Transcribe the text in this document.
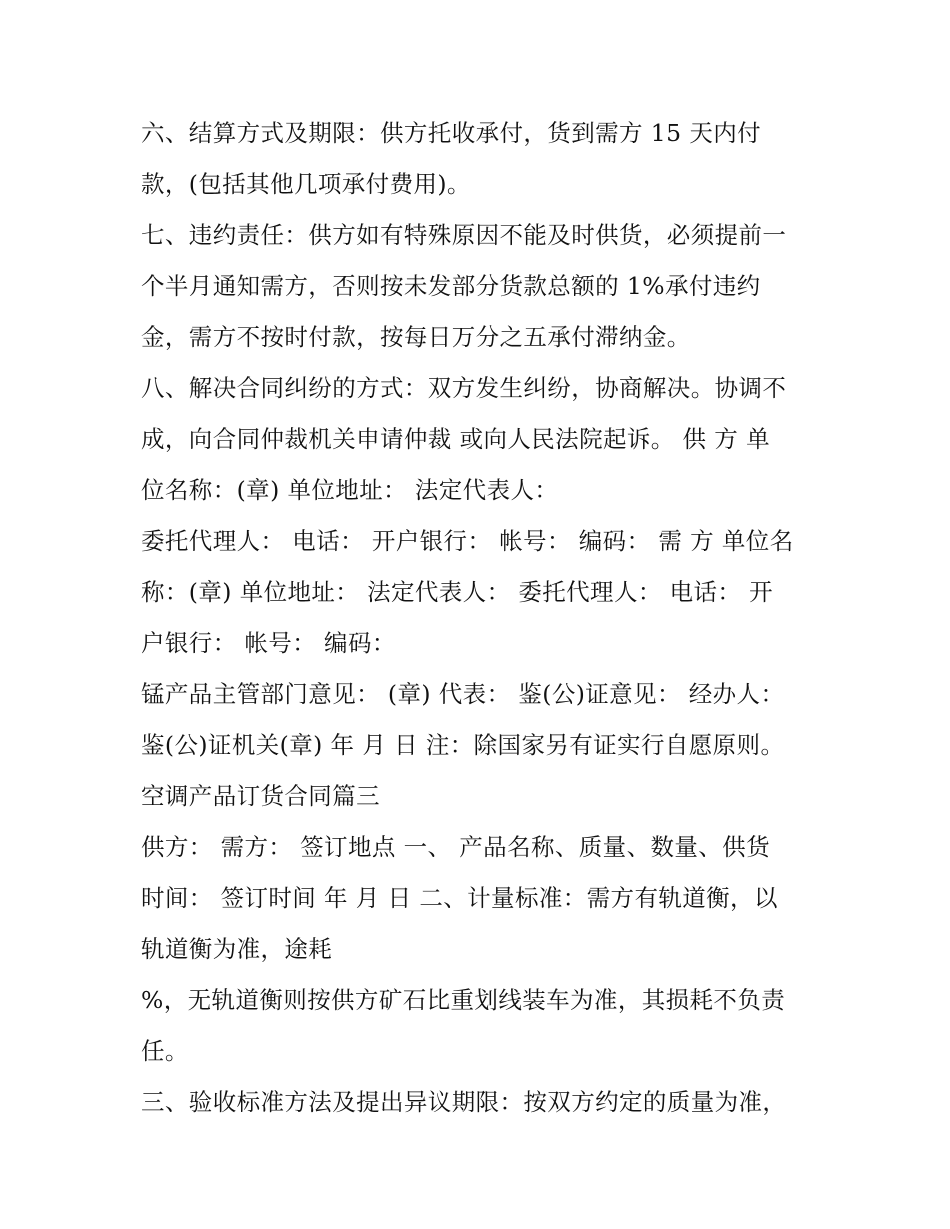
六、结算方式及期限：供方托收承付，货到需方 15 天内付
款，(包括其他几项承付费用)。
七、违约责任：供方如有特殊原因不能及时供货，必须提前一
个半月通知需方，否则按未发部分货款总额的 1%承付违约
金，需方不按时付款，按每日万分之五承付滞纳金。
八、解决合同纠纷的方式：双方发生纠纷，协商解决。协调不
成，向合同仲裁机关申请仲裁 或向人民法院起诉。 供 方 单
位名称：(章) 单位地址： 法定代表人：
委托代理人： 电话： 开户银行： 帐号： 编码： 需 方 单位名
称：(章) 单位地址： 法定代表人： 委托代理人： 电话： 开
户银行： 帐号： 编码：
锰产品主管部门意见： (章) 代表： 鉴(公)证意见： 经办人：
鉴(公)证机关(章) 年 月 日 注：除国家另有证实行自愿原则。
空调产品订货合同篇三
供方： 需方： 签订地点 一、 产品名称、质量、数量、供货
时间： 签订时间 年 月 日 二、计量标准：需方有轨道衡，以
轨道衡为准，途耗
%，无轨道衡则按供方矿石比重划线装车为准，其损耗不负责
任。
三、验收标准方法及提出异议期限：按双方约定的质量为准，
